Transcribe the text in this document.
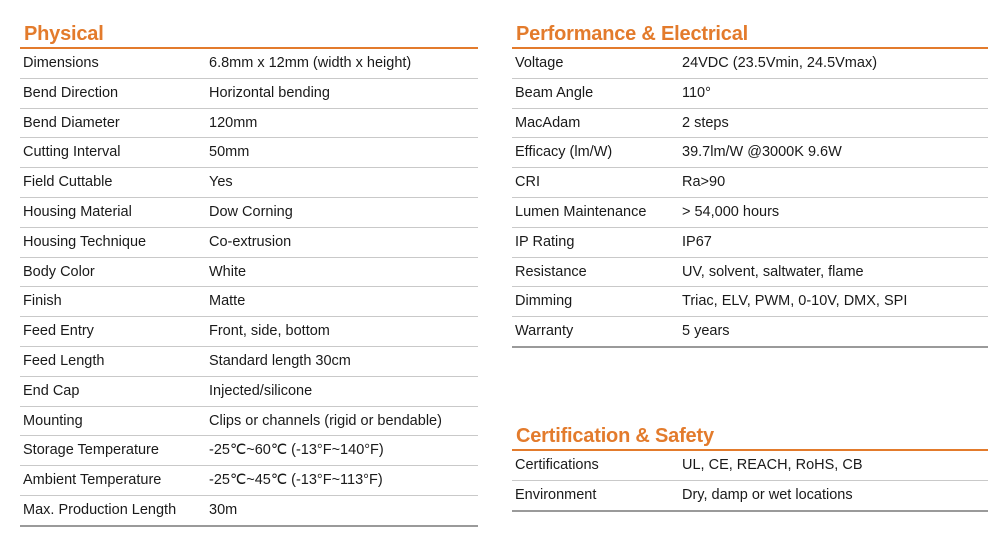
Physical
Dimensions	6.8mm x 12mm (width x height)
Bend Direction	Horizontal bending
Bend Diameter	120mm
Cutting Interval	50mm
Field Cuttable	Yes
Housing Material	Dow Corning
Housing Technique	Co-extrusion
Body Color	White
Finish	Matte
Feed Entry	Front, side, bottom
Feed Length	Standard length 30cm
End Cap	Injected/silicone
Mounting	Clips or channels (rigid or bendable)
Storage Temperature	-25℃~60℃ (-13°F~140°F)
Ambient Temperature	-25℃~45℃ (-13°F~113°F)
Max. Production Length	30m
Performance & Electrical
Voltage	24VDC (23.5Vmin, 24.5Vmax)
Beam Angle	110°
MacAdam	2 steps
Efficacy (lm/W)	39.7lm/W @3000K 9.6W
CRI	Ra>90
Lumen Maintenance	> 54,000 hours
IP Rating	IP67
Resistance	UV, solvent, saltwater, flame
Dimming	Triac, ELV, PWM, 0-10V, DMX, SPI
Warranty	5 years
Certification & Safety
Certifications	UL, CE, REACH, RoHS, CB
Environment	Dry, damp or wet locations
